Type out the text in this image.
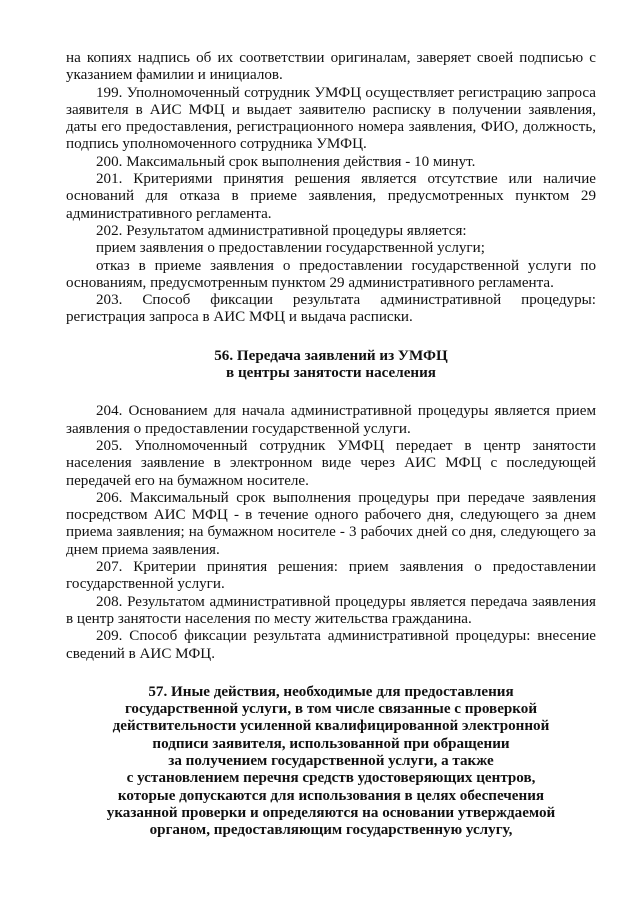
на копиях надпись об их соответствии оригиналам, заверяет своей подписью с указанием фамилии и инициалов.

199. Уполномоченный сотрудник УМФЦ осуществляет регистрацию запроса заявителя в АИС МФЦ и выдает заявителю расписку в получении заявления, даты его предоставления, регистрационного номера заявления, ФИО, должность, подпись уполномоченного сотрудника УМФЦ.

200. Максимальный срок выполнения действия - 10 минут.

201. Критериями принятия решения является отсутствие или наличие оснований для отказа в приеме заявления, предусмотренных пунктом 29 административного регламента.

202. Результатом административной процедуры является:

прием заявления о предоставлении государственной услуги;

отказ в приеме заявления о предоставлении государственной услуги по основаниям, предусмотренным пунктом 29 административного регламента.

203. Способ фиксации результата административной процедуры: регистрация запроса в АИС МФЦ и выдача расписки.

56. Передача заявлений из УМФЦ
в центры занятости населения

204. Основанием для начала административной процедуры является прием заявления о предоставлении государственной услуги.

205. Уполномоченный сотрудник УМФЦ передает в центр занятости населения заявление в электронном виде через АИС МФЦ с последующей передачей его на бумажном носителе.

206. Максимальный срок выполнения процедуры при передаче заявления посредством АИС МФЦ - в течение одного рабочего дня, следующего за днем приема заявления; на бумажном носителе - 3 рабочих дней со дня, следующего за днем приема заявления.

207. Критерии принятия решения: прием заявления о предоставлении государственной услуги.

208. Результатом административной процедуры является передача заявления в центр занятости населения по месту жительства гражданина.

209. Способ фиксации результата административной процедуры: внесение сведений в АИС МФЦ.

57. Иные действия, необходимые для предоставления
государственной услуги, в том числе связанные с проверкой
действительности усиленной квалифицированной электронной
подписи заявителя, использованной при обращении
за получением государственной услуги, а также
с установлением перечня средств удостоверяющих центров,
которые допускаются для использования в целях обеспечения
указанной проверки и определяются на основании утверждаемой
органом, предоставляющим государственную услугу,
